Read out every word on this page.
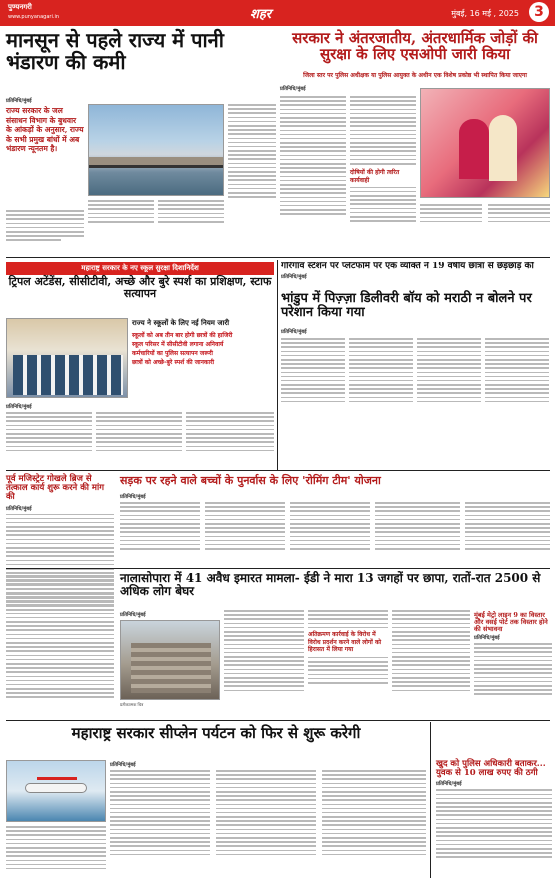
पुण्यनगरी
www.punyanagari.in	शहर	मुंबई, 16 मई , 2025	3
मानसून से पहले राज्य में पानी भंडारण की कमी
प्रतिनिधि/मुंबई
राज्य सरकार के जल संसाधन विभाग के बुधवार के आंकड़ों के अनुसार, राज्य के सभी प्रमुख बांधों में अब भंडारण न्यूनतम है।
सरकार ने अंतरजातीय, अंतरधार्मिक जोड़ों की सुरक्षा के लिए एसओपी जारी किया
जिला स्तर पर पुलिस अधीक्षक या पुलिस आयुक्त के अधीन एक विशेष प्रकोष्ठ भी स्थापित किया जाएगा
प्रतिनिधि/मुंबई
दोषियों की होगी त्वरित कार्यवाही
महाराष्ट्र सरकार के नए स्कूल सुरक्षा दिशानिर्देश
ट्रिपल अटेंडेंस, सीसीटीवी, अच्छे और बुरे स्पर्श का प्रशिक्षण, स्टाफ सत्यापन
राज्य ने स्कूलों के लिए नई नियम जारी
स्कूलों को अब तीन बार होगी छात्रों की हाजिरी
स्कूल परिसर में सीसीटीवी लगाना अनिवार्य
कर्मचारियों का पुलिस सत्यापन जरूरी
छात्रों को अच्छे-बुरे स्पर्श की जानकारी
प्रतिनिधि/मुंबई
भांडुप में पिज़्ज़ा डिलीवरी बॉय को मराठी न बोलने पर परेशान किया गया
प्रतिनिधि/मुंबई
सड़क पर रहने वाले बच्चों के पुनर्वास के लिए 'रोमिंग टीम' योजना
प्रतिनिधि/मुंबई
पूर्व मजिस्ट्रेट गोखले ब्रिज से तत्काल कार्य शुरू करने की मांग की
प्रतिनिधि/मुंबई
नालासोपारा में 41 अवैध इमारत मामला- ईडी ने मारा 13 जगहों पर छापा, रातों-रात 2500 से अधिक लोग बेघर
प्रतिनिधि/मुंबई
प्रतीकात्मक चित्र
अतिक्रमण कार्रवाई के विरोध में विरोध प्रदर्शन करने वाले लोगों को हिरासत में लिया गया
महाराष्ट्र सरकार सीप्लेन पर्यटन को फिर से शुरू करेगी
प्रतिनिधि/मुंबई	खुद को पुलिस अधिकारी बताकर... युवक से 10 लाख रुपए की ठगी
प्रतिनिधि/मुंबई
गोरेगांव स्टेशन पर प्लेटफॉर्म पर एक व्यक्ति ने 19 वर्षीय छात्रा से छेड़छाड़ की
प्रतिनिधि/मुंबई
मुंबई मेट्रो लाइन 9 का विस्तार और वसई पोर्ट तक विस्तार होने की संभावना
प्रतिनिधि/मुंबई
